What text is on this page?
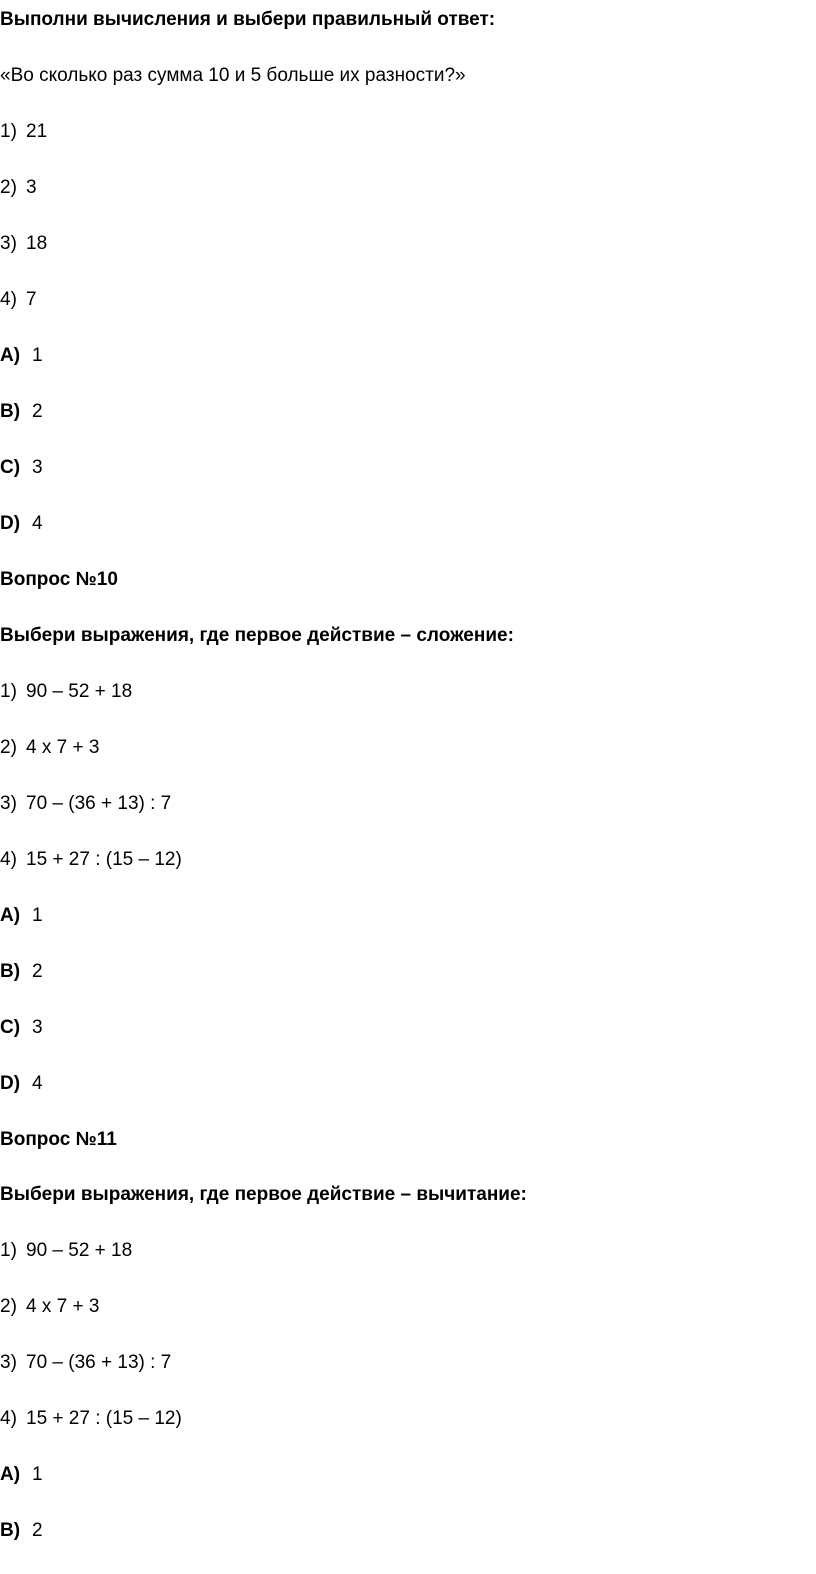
Выполни вычисления и выбери правильный ответ:
«Во сколько раз сумма 10 и 5 больше их разности?»
1) 21
2) 3
3) 18
4) 7
A) 1
B) 2
C) 3
D) 4
Вопрос №10
Выбери выражения, где первое действие – сложение:
1) 90 – 52 + 18
2) 4 х 7 + 3
3) 70 – (36 + 13) : 7
4) 15 + 27 : (15 – 12)
A) 1
B) 2
C) 3
D) 4
Вопрос №11
Выбери выражения, где первое действие – вычитание:
1) 90 – 52 + 18
2) 4 х 7 + 3
3) 70 – (36 + 13) : 7
4) 15 + 27 : (15 – 12)
A) 1
B) 2
